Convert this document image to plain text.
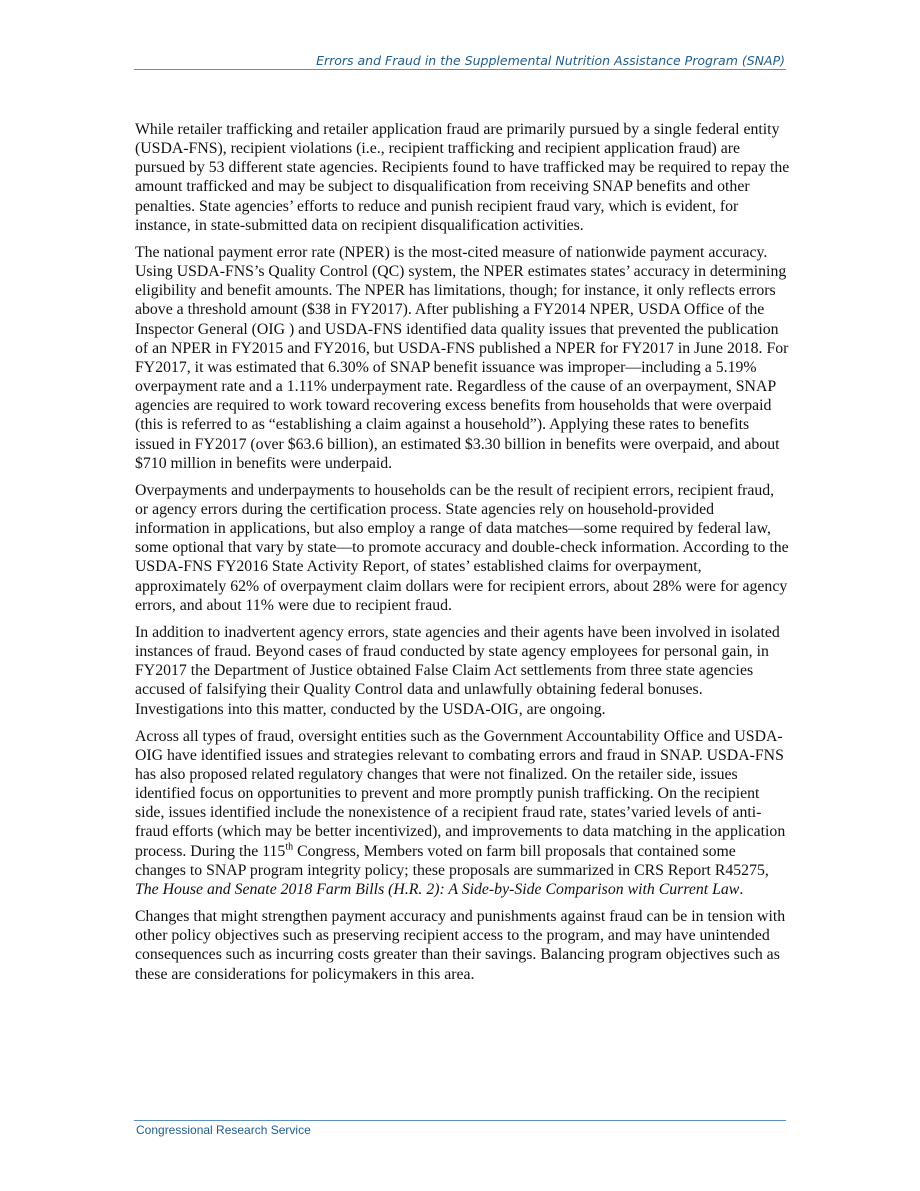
Errors and Fraud in the Supplemental Nutrition Assistance Program (SNAP)

While retailer trafficking and retailer application fraud are primarily pursued by a single federal entity (USDA-FNS), recipient violations (i.e., recipient trafficking and recipient application fraud) are pursued by 53 different state agencies. Recipients found to have trafficked may be required to repay the amount trafficked and may be subject to disqualification from receiving SNAP benefits and other penalties. State agencies’ efforts to reduce and punish recipient fraud vary, which is evident, for instance, in state-submitted data on recipient disqualification activities.

The national payment error rate (NPER) is the most-cited measure of nationwide payment accuracy. Using USDA-FNS’s Quality Control (QC) system, the NPER estimates states’ accuracy in determining eligibility and benefit amounts. The NPER has limitations, though; for instance, it only reflects errors above a threshold amount ($38 in FY2017). After publishing a FY2014 NPER, USDA Office of the Inspector General (OIG ) and USDA-FNS identified data quality issues that prevented the publication of an NPER in FY2015 and FY2016, but USDA-FNS published a NPER for FY2017 in June 2018. For FY2017, it was estimated that 6.30% of SNAP benefit issuance was improper—including a 5.19% overpayment rate and a 1.11% underpayment rate. Regardless of the cause of an overpayment, SNAP agencies are required to work toward recovering excess benefits from households that were overpaid (this is referred to as “establishing a claim against a household”). Applying these rates to benefits issued in FY2017 (over $63.6 billion), an estimated $3.30 billion in benefits were overpaid, and about $710 million in benefits were underpaid.

Overpayments and underpayments to households can be the result of recipient errors, recipient fraud, or agency errors during the certification process. State agencies rely on household-provided information in applications, but also employ a range of data matches—some required by federal law, some optional that vary by state—to promote accuracy and double-check information. According to the USDA-FNS FY2016 State Activity Report, of states’ established claims for overpayment, approximately 62% of overpayment claim dollars were for recipient errors, about 28% were for agency errors, and about 11% were due to recipient fraud.

In addition to inadvertent agency errors, state agencies and their agents have been involved in isolated instances of fraud. Beyond cases of fraud conducted by state agency employees for personal gain, in FY2017 the Department of Justice obtained False Claim Act settlements from three state agencies accused of falsifying their Quality Control data and unlawfully obtaining federal bonuses. Investigations into this matter, conducted by the USDA-OIG, are ongoing.

Across all types of fraud, oversight entities such as the Government Accountability Office and USDA-OIG have identified issues and strategies relevant to combating errors and fraud in SNAP. USDA-FNS has also proposed related regulatory changes that were not finalized. On the retailer side, issues identified focus on opportunities to prevent and more promptly punish trafficking. On the recipient side, issues identified include the nonexistence of a recipient fraud rate, states’varied levels of anti-fraud efforts (which may be better incentivized), and improvements to data matching in the application process. During the 115th Congress, Members voted on farm bill proposals that contained some changes to SNAP program integrity policy; these proposals are summarized in CRS Report R45275, The House and Senate 2018 Farm Bills (H.R. 2): A Side-by-Side Comparison with Current Law.

Changes that might strengthen payment accuracy and punishments against fraud can be in tension with other policy objectives such as preserving recipient access to the program, and may have unintended consequences such as incurring costs greater than their savings. Balancing program objectives such as these are considerations for policymakers in this area.

Congressional Research Service
